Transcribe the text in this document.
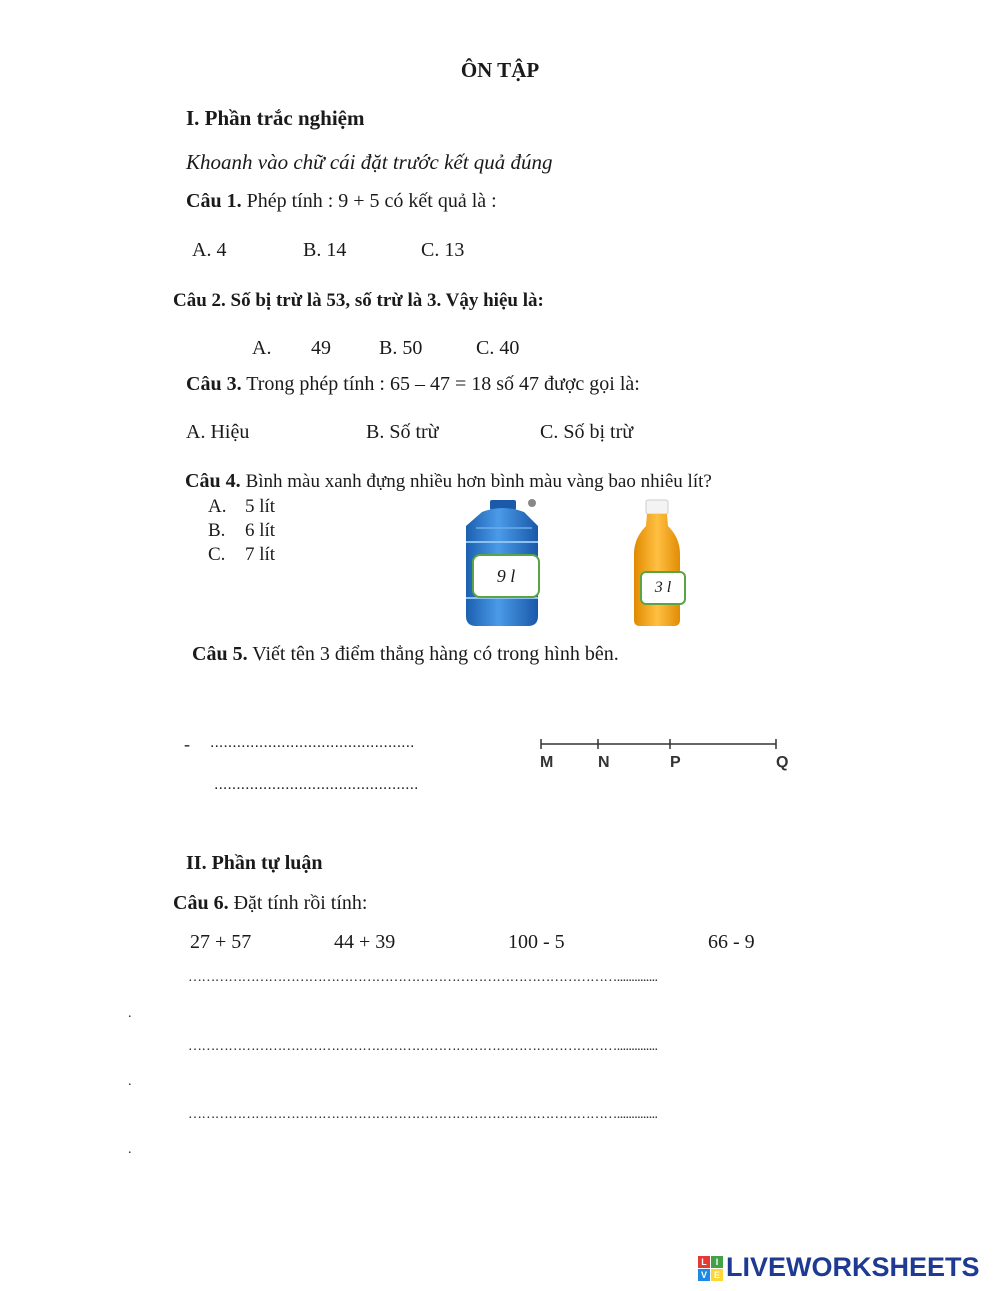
ÔN TẬP
I. Phần trắc nghiệm
Khoanh vào chữ cái đặt trước kết quả đúng
Câu 1. Phép tính : 9 + 5 có kết quả là :
A. 4	B. 14	C. 13
Câu 2. Số bị trừ là 53, số trừ là 3. Vậy hiệu là:
A. 49 B. 50	C. 40
Câu 3. Trong phép tính : 65 – 47 = 18 số 47 được gọi là:
A. Hiệu	B. Số trừ	C. Số bị trừ
Câu 4. Bình màu xanh đựng nhiều hơn bình màu vàng bao nhiêu lít?
A. 5 lít
B. 6 lít
C. 7 lít
9 l
3 l
Câu 5. Viết tên 3 điểm thẳng hàng có trong hình bên.
- ..............................................
..............................................
M	N	P	Q
II. Phần tự luận
Câu 6. Đặt tính rồi tính:
27 + 57	44 + 39	100 - 5	66 - 9
……………………………………………………………………………………..............
.
……………………………………………………………………………………..............
.
……………………………………………………………………………………..............
.
L I
V E LIVEWORKSHEETS
